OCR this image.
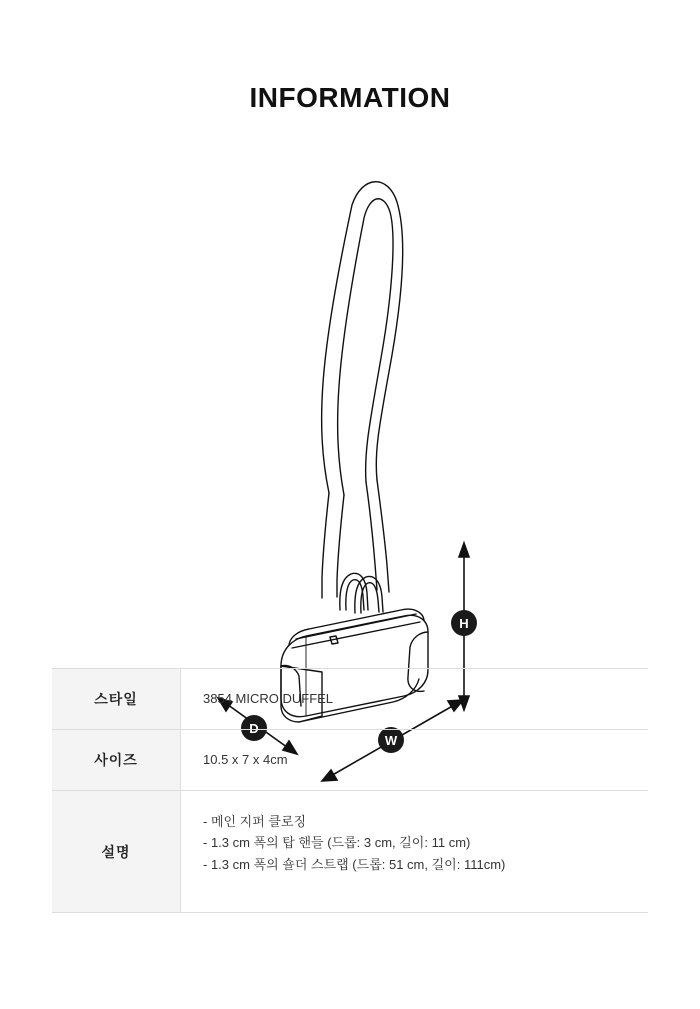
INFORMATION
H
W
D
스타일	3854 MICRO DUFFEL
사이즈	10.5 x 7 x 4cm
설명	- 메인 지퍼 클로징
- 1.3 cm 폭의 탑 핸들 (드롭: 3 cm, 길이: 11 cm)
- 1.3 cm 폭의 숄더 스트랩 (드롭: 51 cm, 길이: 111cm)
